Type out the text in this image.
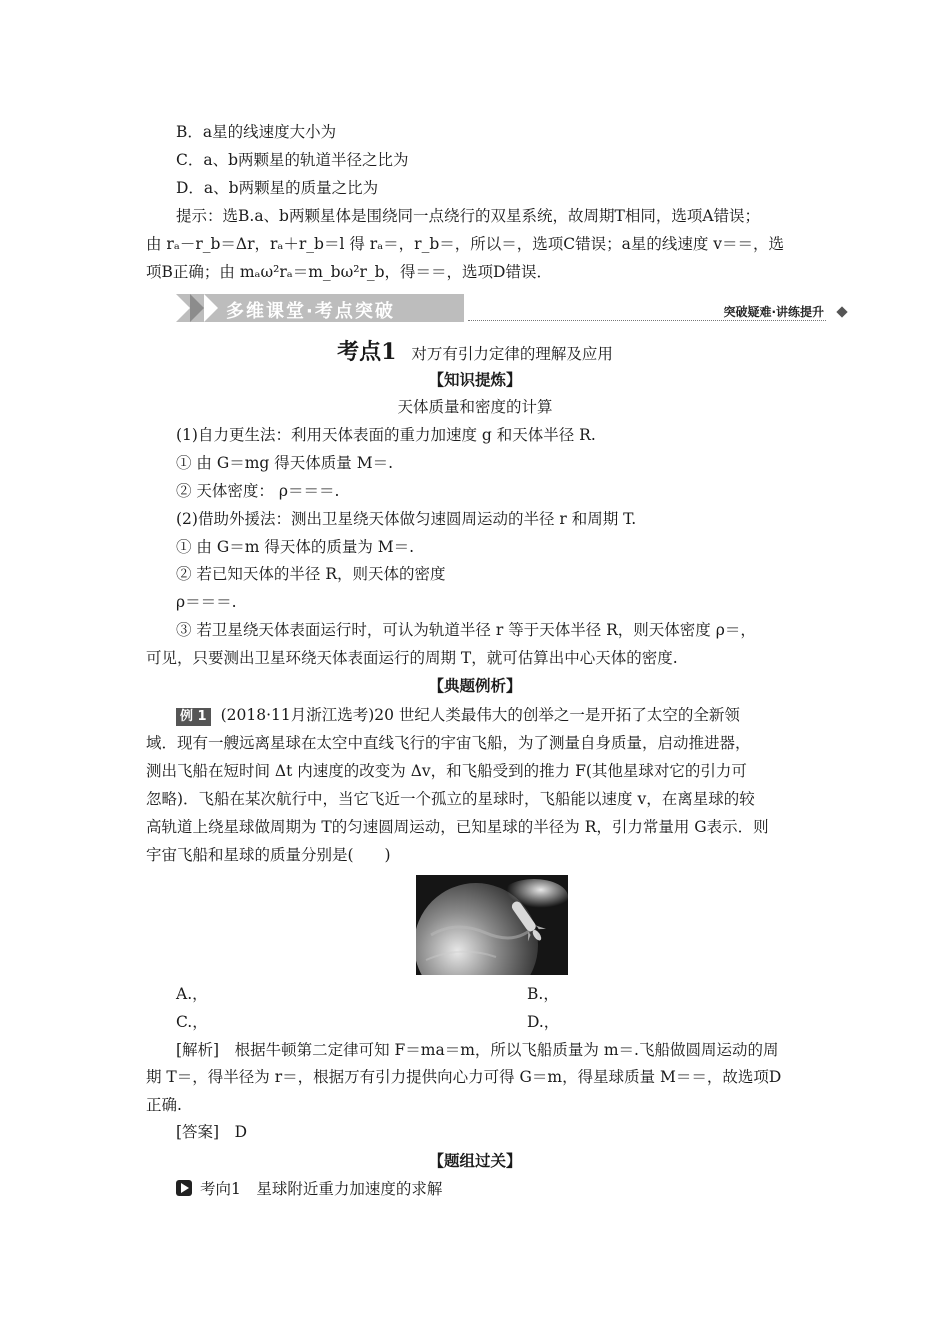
B．a星的线速度大小为
C．a、b两颗星的轨道半径之比为
D．a、b两颗星的质量之比为
提示：选B.a、b两颗星体是围绕同一点绕行的双星系统，故周期T相同，选项A错误；
由 rₐ－r_b＝Δr，rₐ＋r_b＝l 得 rₐ＝，r_b＝，所以＝，选项C错误；a星的线速度 v＝＝，选
项B正确；由 mₐω²rₐ＝m_bω²r_b，得＝＝，选项D错误．
多维课堂·考点突破	突破疑难·讲练提升
考点1 对万有引力定律的理解及应用
【知识提炼】
天体质量和密度的计算
(1)自力更生法：利用天体表面的重力加速度 g 和天体半径 R.
① 由 G＝mg 得天体质量 M＝.
② 天体密度： ρ＝＝＝.
(2)借助外援法：测出卫星绕天体做匀速圆周运动的半径 r 和周期 T.
① 由 G＝m 得天体的质量为 M＝.
② 若已知天体的半径 R，则天体的密度
ρ＝＝＝.
③ 若卫星绕天体表面运行时，可认为轨道半径 r 等于天体半径 R，则天体密度 ρ＝，
可见，只要测出卫星环绕天体表面运行的周期 T，就可估算出中心天体的密度.
【典题例析】
例 1 (2018·11月浙江选考)20 世纪人类最伟大的创举之一是开拓了太空的全新领
域．现有一艘远离星球在太空中直线飞行的宇宙飞船，为了测量自身质量，启动推进器，
测出飞船在短时间 Δt 内速度的改变为 Δv，和飞船受到的推力 F(其他星球对它的引力可
忽略)．飞船在某次航行中，当它飞近一个孤立的星球时，飞船能以速度 v，在离星球的较
高轨道上绕星球做周期为 T的匀速圆周运动，已知星球的半径为 R，引力常量用 G表示．则
宇宙飞船和星球的质量分别是(　　)
A.，	B.，
C.，	D.，
[解析]　根据牛顿第二定律可知 F＝ma＝m，所以飞船质量为 m＝.飞船做圆周运动的周
期 T＝，得半径为 r＝，根据万有引力提供向心力可得 G＝m，得星球质量 M＝＝，故选项D
正确.
[答案]　D
【题组过关】
考向1　星球附近重力加速度的求解
